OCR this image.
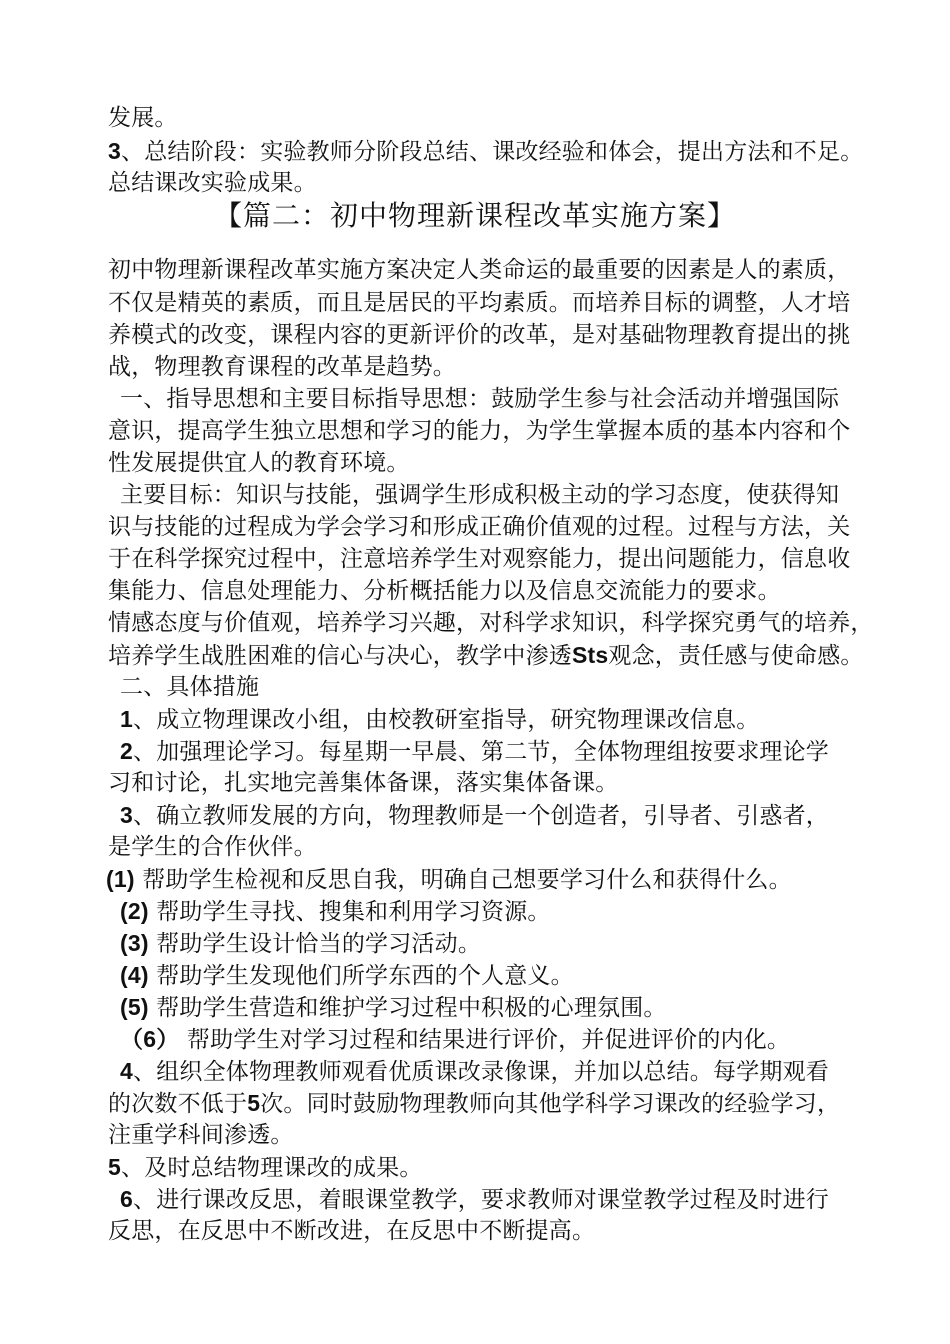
发展。
3、总结阶段：实验教师分阶段总结、课改经验和体会，提出方法和不足。
总结课改实验成果。
【篇二：初中物理新课程改革实施方案】
初中物理新课程改革实施方案决定人类命运的最重要的因素是人的素质，
不仅是精英的素质，而且是居民的平均素质。而培养目标的调整，人才培
养模式的改变，课程内容的更新评价的改革，是对基础物理教育提出的挑
战，物理教育课程的改革是趋势。
一、指导思想和主要目标指导思想：鼓励学生参与社会活动并增强国际
意识，提高学生独立思想和学习的能力，为学生掌握本质的基本内容和个
性发展提供宜人的教育环境。
主要目标：知识与技能，强调学生形成积极主动的学习态度，使获得知
识与技能的过程成为学会学习和形成正确价值观的过程。过程与方法，关
于在科学探究过程中，注意培养学生对观察能力，提出问题能力，信息收
集能力、信息处理能力、分析概括能力以及信息交流能力的要求。
情感态度与价值观，培养学习兴趣，对科学求知识，科学探究勇气的培养，
培养学生战胜困难的信心与决心，教学中渗透Sts观念，责任感与使命感。
二、具体措施
1、成立物理课改小组，由校教研室指导，研究物理课改信息。
2、加强理论学习。每星期一早晨、第二节，全体物理组按要求理论学
习和讨论，扎实地完善集体备课，落实集体备课。
3、确立教师发展的方向，物理教师是一个创造者，引导者、引惑者，
是学生的合作伙伴。
(1) 帮助学生检视和反思自我，明确自己想要学习什么和获得什么。
(2) 帮助学生寻找、搜集和利用学习资源。
(3) 帮助学生设计恰当的学习活动。
(4) 帮助学生发现他们所学东西的个人意义。
(5) 帮助学生营造和维护学习过程中积极的心理氛围。
（6） 帮助学生对学习过程和结果进行评价，并促进评价的内化。
4、组织全体物理教师观看优质课改录像课，并加以总结。每学期观看
的次数不低于5次。同时鼓励物理教师向其他学科学习课改的经验学习，
注重学科间渗透。
5、及时总结物理课改的成果。
6、进行课改反思，着眼课堂教学，要求教师对课堂教学过程及时进行
反思，在反思中不断改进，在反思中不断提高。
